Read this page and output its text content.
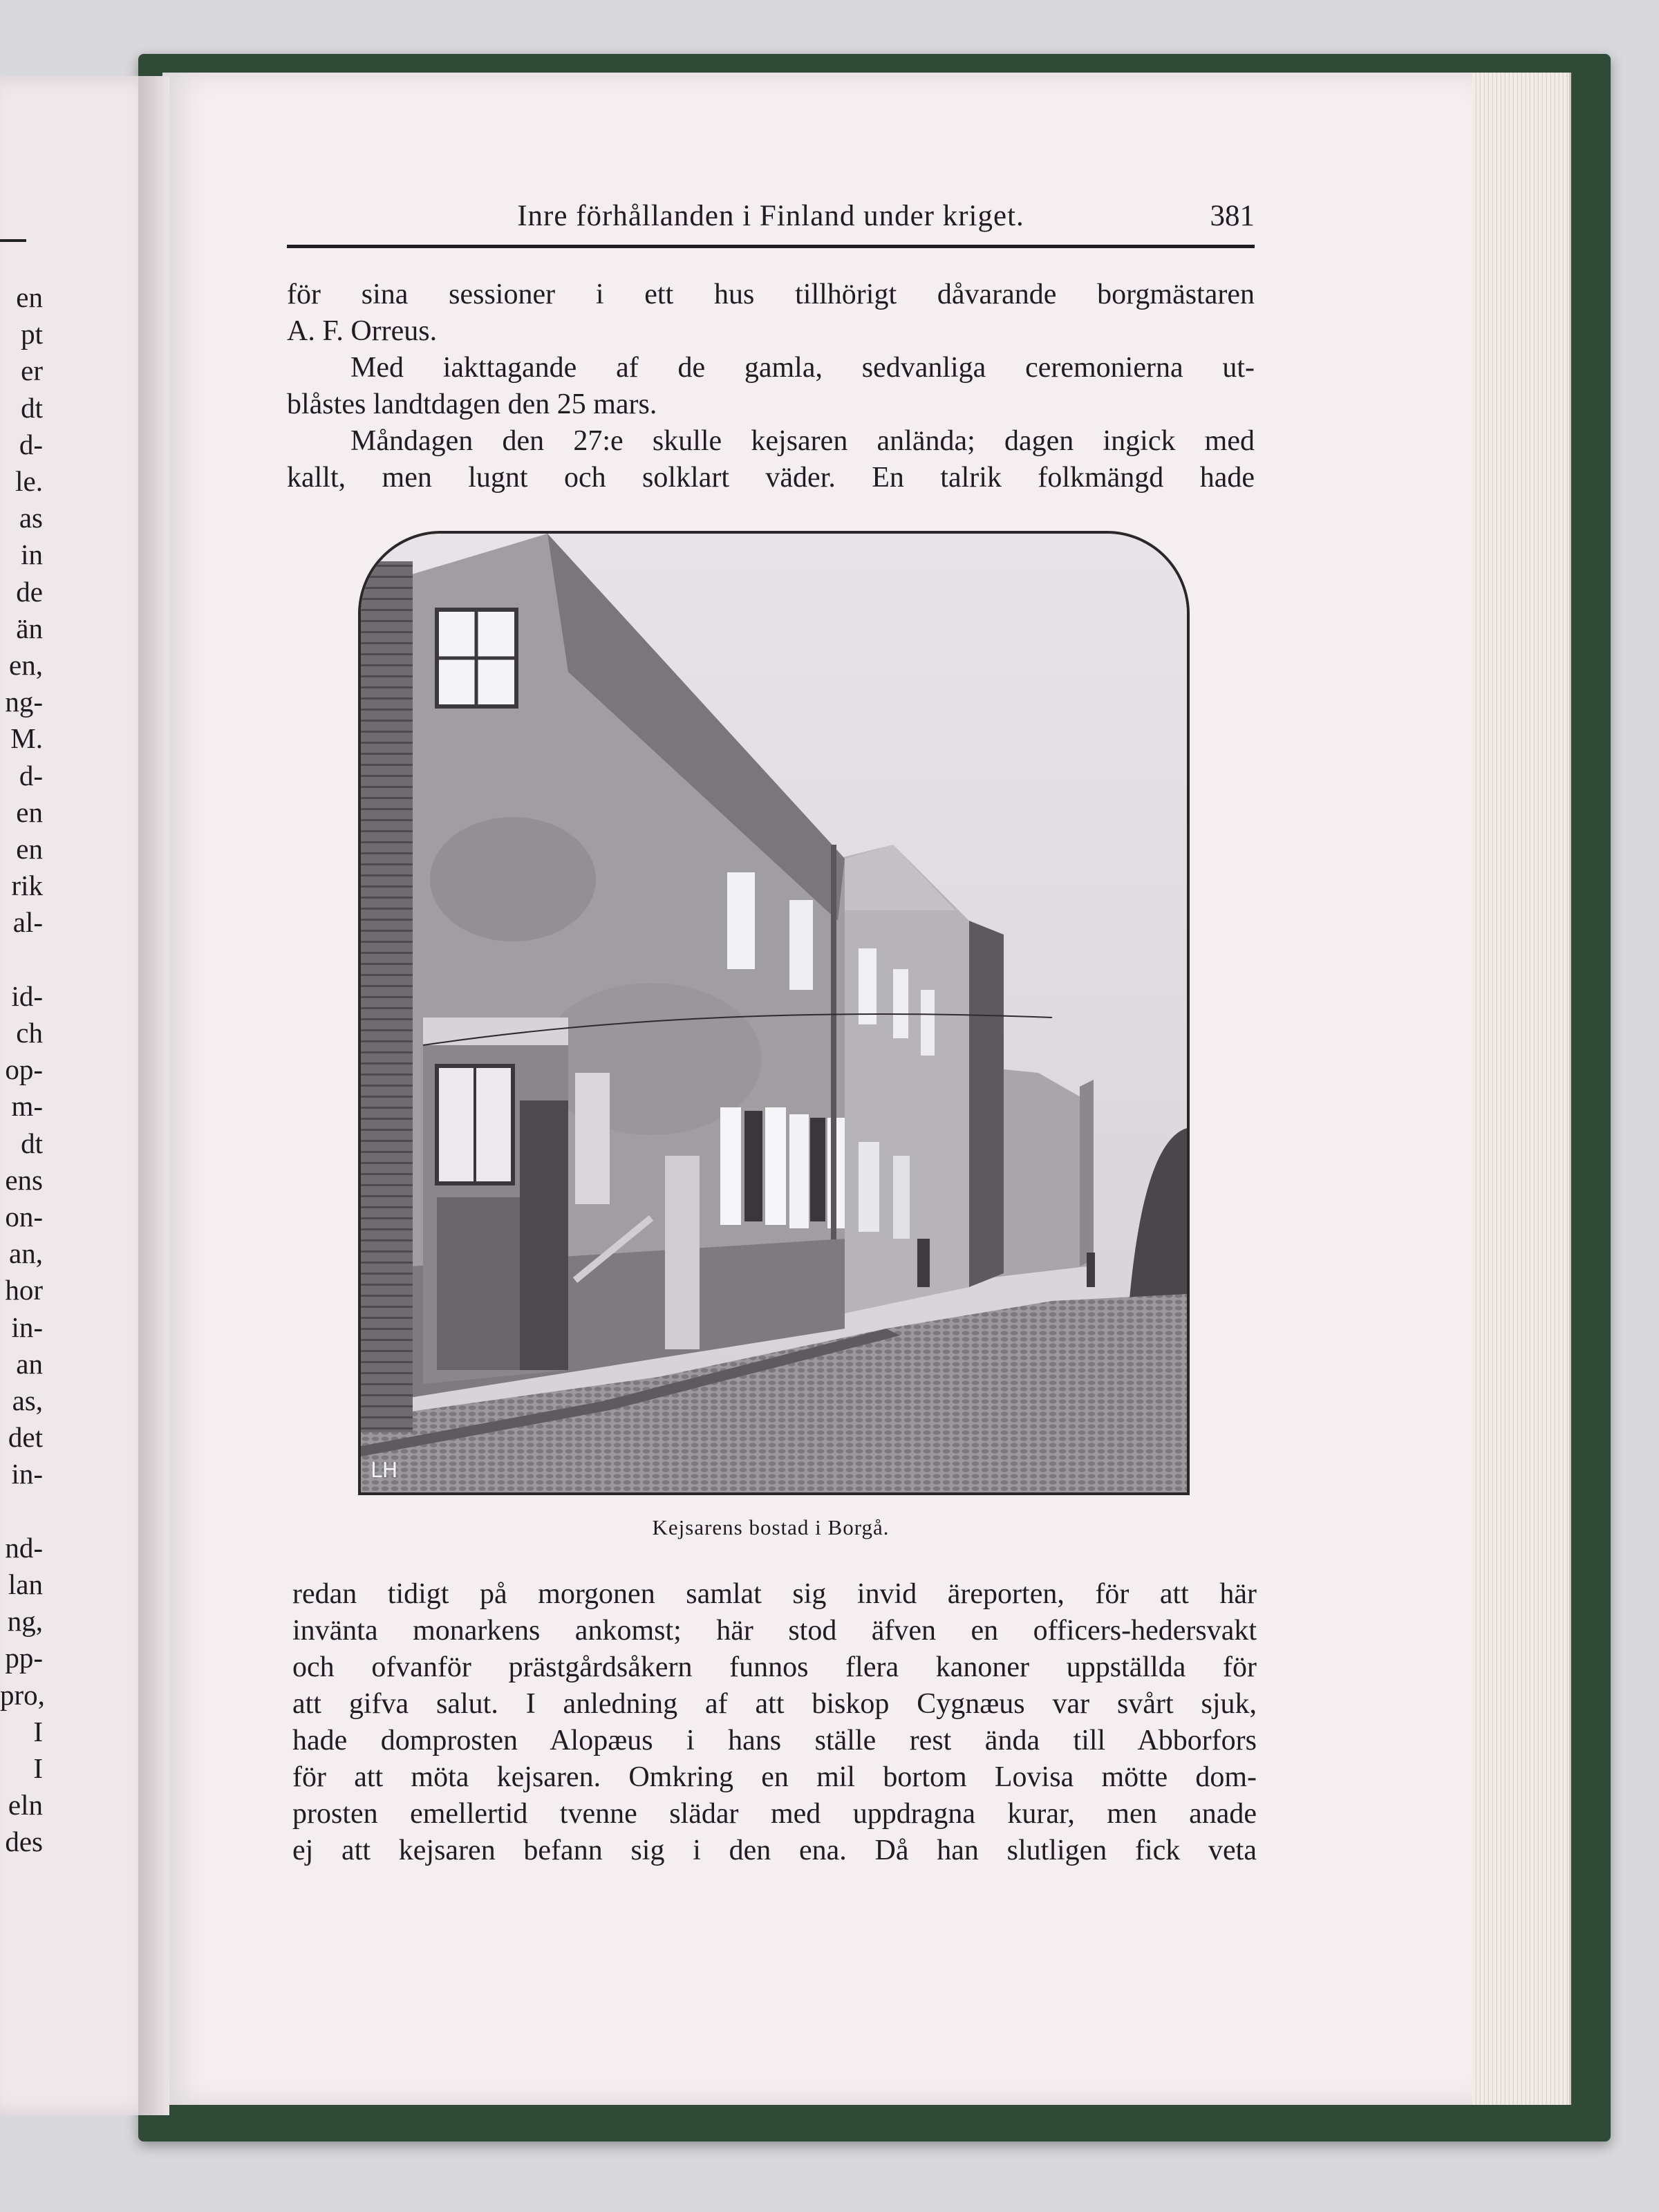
en
pt
er
dt
d-
le.
as
in
de
än
en,
ng-
M.
d-
en
en
rik
al-
id-
ch
op-
m-
dt
ens
on-
an,
hor
in-
an
as,
det
in-
nd-
lan
ng,
pp-
pro,
I
I
eln
des
Inre förhållanden i Finland under kriget.	381
för sina sessioner i ett hus tillhörigt dåvarande borgmästaren
A. F. Orreus.
Med iakttagande af de gamla, sedvanliga ceremonierna ut-
blåstes landtdagen den 25 mars.
Måndagen den 27:e skulle kejsaren anlända; dagen ingick med
kallt, men lugnt och solklart väder. En talrik folkmängd hade
LH
Kejsarens bostad i Borgå.
redan tidigt på morgonen samlat sig invid äreporten, för att här
invänta monarkens ankomst; här stod äfven en officers-hedersvakt
och ofvanför prästgårdsåkern funnos flera kanoner uppställda för
att gifva salut. I anledning af att biskop Cygnæus var svårt sjuk,
hade domprosten Alopæus i hans ställe rest ända till Abborfors
för att möta kejsaren. Omkring en mil bortom Lovisa mötte dom-
prosten emellertid tvenne slädar med uppdragna kurar, men anade
ej att kejsaren befann sig i den ena. Då han slutligen fick veta
